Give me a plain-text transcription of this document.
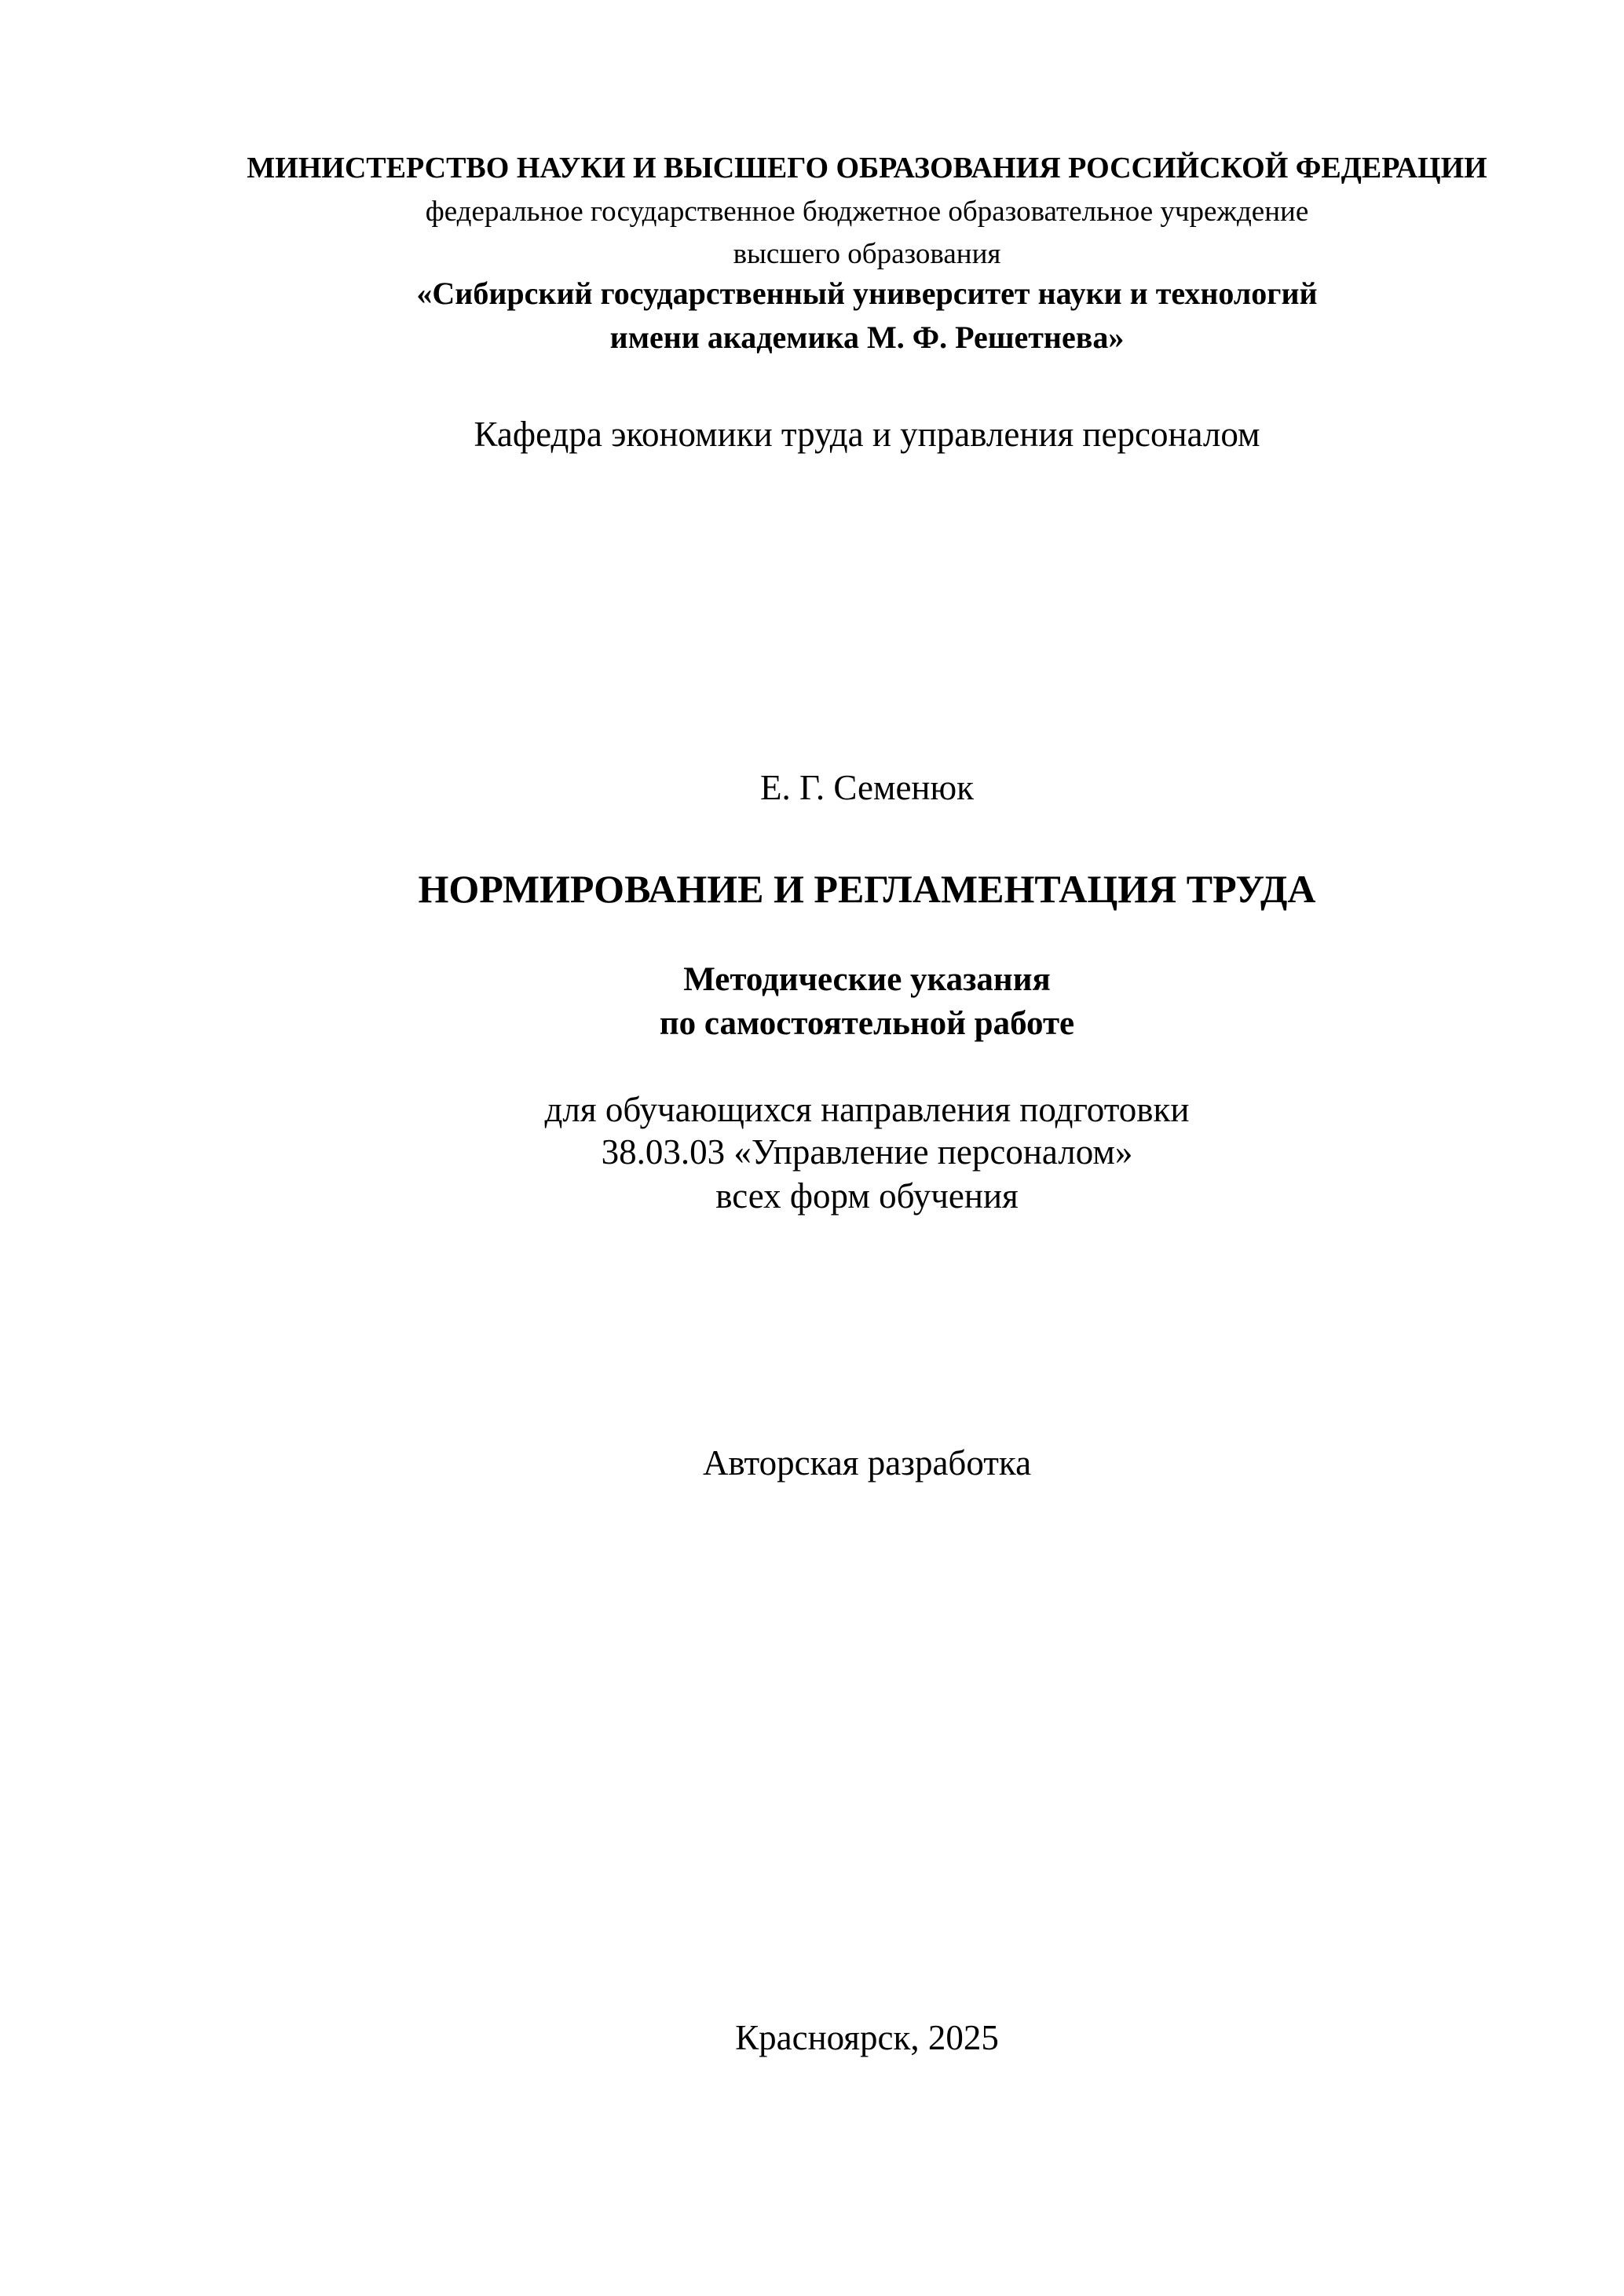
МИНИСТЕРСТВО НАУКИ И ВЫСШЕГО ОБРАЗОВАНИЯ РОССИЙСКОЙ ФЕДЕРАЦИИ
федеральное государственное бюджетное образовательное учреждение
высшего образования
«Сибирский государственный университет науки и технологий
имени академика М. Ф. Решетнева»
Кафедра экономики труда и управления персоналом
Е. Г. Семенюк
НОРМИРОВАНИЕ И РЕГЛАМЕНТАЦИЯ ТРУДА
Методические указания
по самостоятельной работе
для обучающихся направления подготовки
38.03.03 «Управление персоналом»
всех форм обучения
Авторская разработка
Красноярск, 2025
